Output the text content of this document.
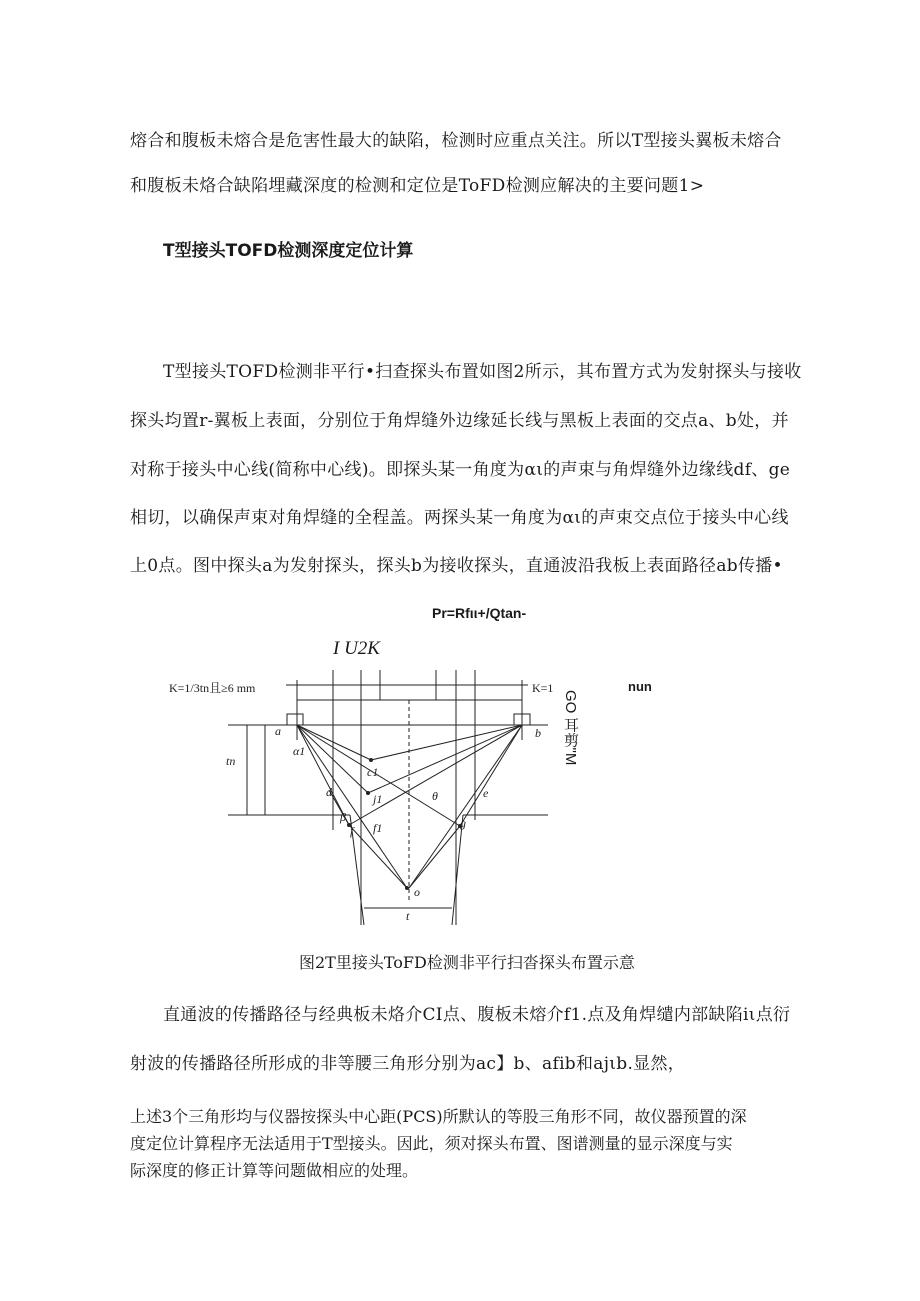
熔合和腹板未熔合是危害性最大的缺陷，检测时应重点关注。所以T型接头翼板未熔合
和腹板未烙合缺陷埋藏深度的检测和定位是ToFD检测应解决的主要问题1>
T型接头TOFD检测深度定位计算
T型接头TOFD检测非平行•扫查探头布置如图2所示，其布置方式为发射探头与接收
探头均置r-翼板上表面，分别位于角焊缝外边缘延长线与黑板上表面的交点a、b处，并
对称于接头中心线(简称中心线)。即探头某一角度为αι的声束与角焊缝外边缘线df、ge
相切，以确保声束对角焊缝的全程盖。两探头某一角度为αι的声束交点位于接头中心线
上0点。图中探头a为发射探头，探头b为接收探头，直通波沿我板上表面路径ab传播•
Pr=Rfιι+/Qtan-
I U2K
nun
GO 耳剪"M
K=1/3tn且≥6 mm	K=1
a	b
tn
α1
c1
d	j1	θ	e
β
f f1	g
o
t
图2T里接头ToFD检测非平行扫沓探头布置示意
直通波的传播路径与经典板未烙介CI点、腹板未熔介f1.点及角焊缱内部缺陷iι点衍
射波的传播路径所形成的非等腰三角形分别为ac】b、afib和ajιb.显然，
上述3个三角形均与仪器按探头中心距(PCS)所默认的等股三角形不同，故仪器预置的深
度定位计算程序无法适用于T型接头。因此，须对探头布置、图谱测量的显示深度与实
际深度的修正计算等问题做相应的处理。
